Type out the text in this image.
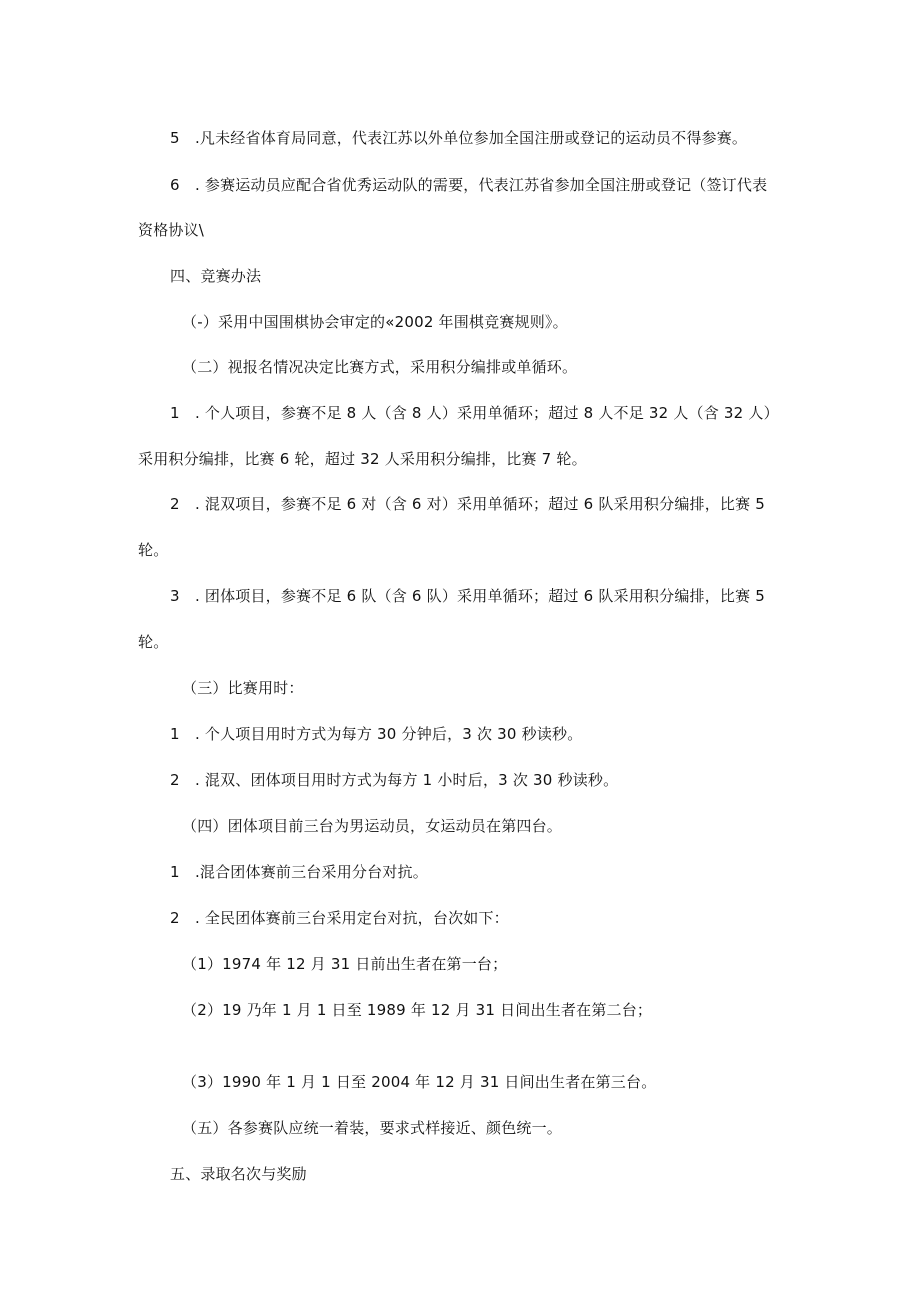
5　.凡未经省体育局同意，代表江苏以外单位参加全国注册或登记的运动员不得参赛。
6　. 参赛运动员应配合省优秀运动队的需要，代表江苏省参加全国注册或登记（签订代表
资格协议\
四、竞赛办法
（-）采用中国围棋协会审定的«2002 年围棋竞赛规则》。
（二）视报名情况决定比赛方式，采用积分编排或单循环。
1　. 个人项目，参赛不足 8 人（含 8 人）采用单循环；超过 8 人不足 32 人（含 32 人）
采用积分编排，比赛 6 轮，超过 32 人采用积分编排，比赛 7 轮。
2　. 混双项目，参赛不足 6 对（含 6 对）采用单循环；超过 6 队采用积分编排，比赛 5
轮。
3　. 团体项目，参赛不足 6 队（含 6 队）采用单循环；超过 6 队采用积分编排，比赛 5
轮。
（三）比赛用时：
1　. 个人项目用时方式为每方 30 分钟后，3 次 30 秒读秒。
2　. 混双、团体项目用时方式为每方 1 小时后，3 次 30 秒读秒。
（四）团体项目前三台为男运动员，女运动员在第四台。
1　.混合团体赛前三台采用分台对抗。
2　. 全民团体赛前三台采用定台对抗，台次如下：
（1）1974 年 12 月 31 日前出生者在第一台；
（2）19 乃年 1 月 1 日至 1989 年 12 月 31 日间出生者在第二台；
（3）1990 年 1 月 1 日至 2004 年 12 月 31 日间出生者在第三台。
（五）各参赛队应统一着装，要求式样接近、颜色统一。
五、录取名次与奖励
